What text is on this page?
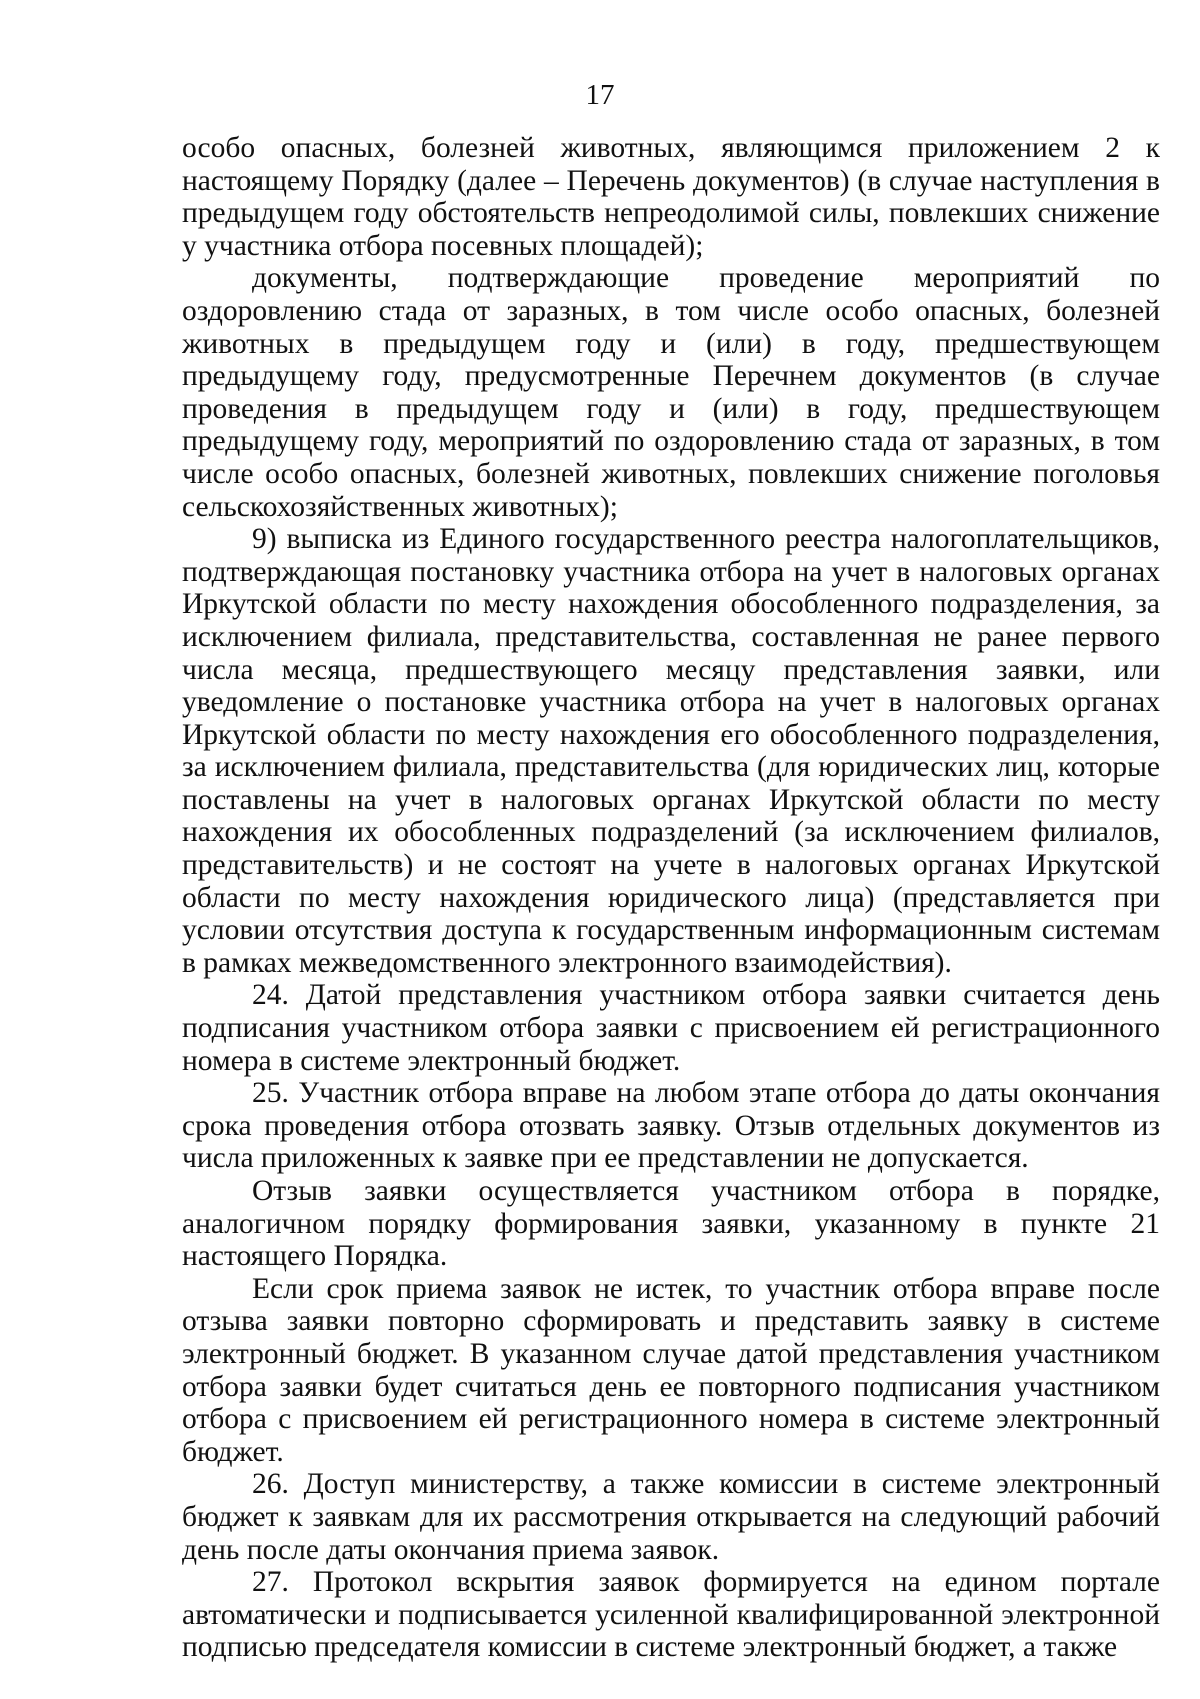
17

особо опасных, болезней животных, являющимся приложением 2 к настоящему Порядку (далее – Перечень документов) (в случае наступления в предыдущем году обстоятельств непреодолимой силы, повлекших снижение у участника отбора посевных площадей);

документы, подтверждающие проведение мероприятий по оздоровлению стада от заразных, в том числе особо опасных, болезней животных в предыдущем году и (или) в году, предшествующем предыдущему году, предусмотренные Перечнем документов (в случае проведения в предыдущем году и (или) в году, предшествующем предыдущему году, мероприятий по оздоровлению стада от заразных, в том числе особо опасных, болезней животных, повлекших снижение поголовья сельскохозяйственных животных);

9) выписка из Единого государственного реестра налогоплательщиков, подтверждающая постановку участника отбора на учет в налоговых органах Иркутской области по месту нахождения обособленного подразделения, за исключением филиала, представительства, составленная не ранее первого числа месяца, предшествующего месяцу представления заявки, или уведомление о постановке участника отбора на учет в налоговых органах Иркутской области по месту нахождения его обособленного подразделения, за исключением филиала, представительства (для юридических лиц, которые поставлены на учет в налоговых органах Иркутской области по месту нахождения их обособленных подразделений (за исключением филиалов, представительств) и не состоят на учете в налоговых органах Иркутской области по месту нахождения юридического лица) (представляется при условии отсутствия доступа к государственным информационным системам в рамках межведомственного электронного взаимодействия).

24. Датой представления участником отбора заявки считается день подписания участником отбора заявки с присвоением ей регистрационного номера в системе электронный бюджет.

25. Участник отбора вправе на любом этапе отбора до даты окончания срока проведения отбора отозвать заявку. Отзыв отдельных документов из числа приложенных к заявке при ее представлении не допускается.

Отзыв заявки осуществляется участником отбора в порядке, аналогичном порядку формирования заявки, указанному в пункте 21 настоящего Порядка.

Если срок приема заявок не истек, то участник отбора вправе после отзыва заявки повторно сформировать и представить заявку в системе электронный бюджет. В указанном случае датой представления участником отбора заявки будет считаться день ее повторного подписания участником отбора с присвоением ей регистрационного номера в системе электронный бюджет.

26. Доступ министерству, а также комиссии в системе электронный бюджет к заявкам для их рассмотрения открывается на следующий рабочий день после даты окончания приема заявок.

27. Протокол вскрытия заявок формируется на едином портале автоматически и подписывается усиленной квалифицированной электронной подписью председателя комиссии в системе электронный бюджет, а также
